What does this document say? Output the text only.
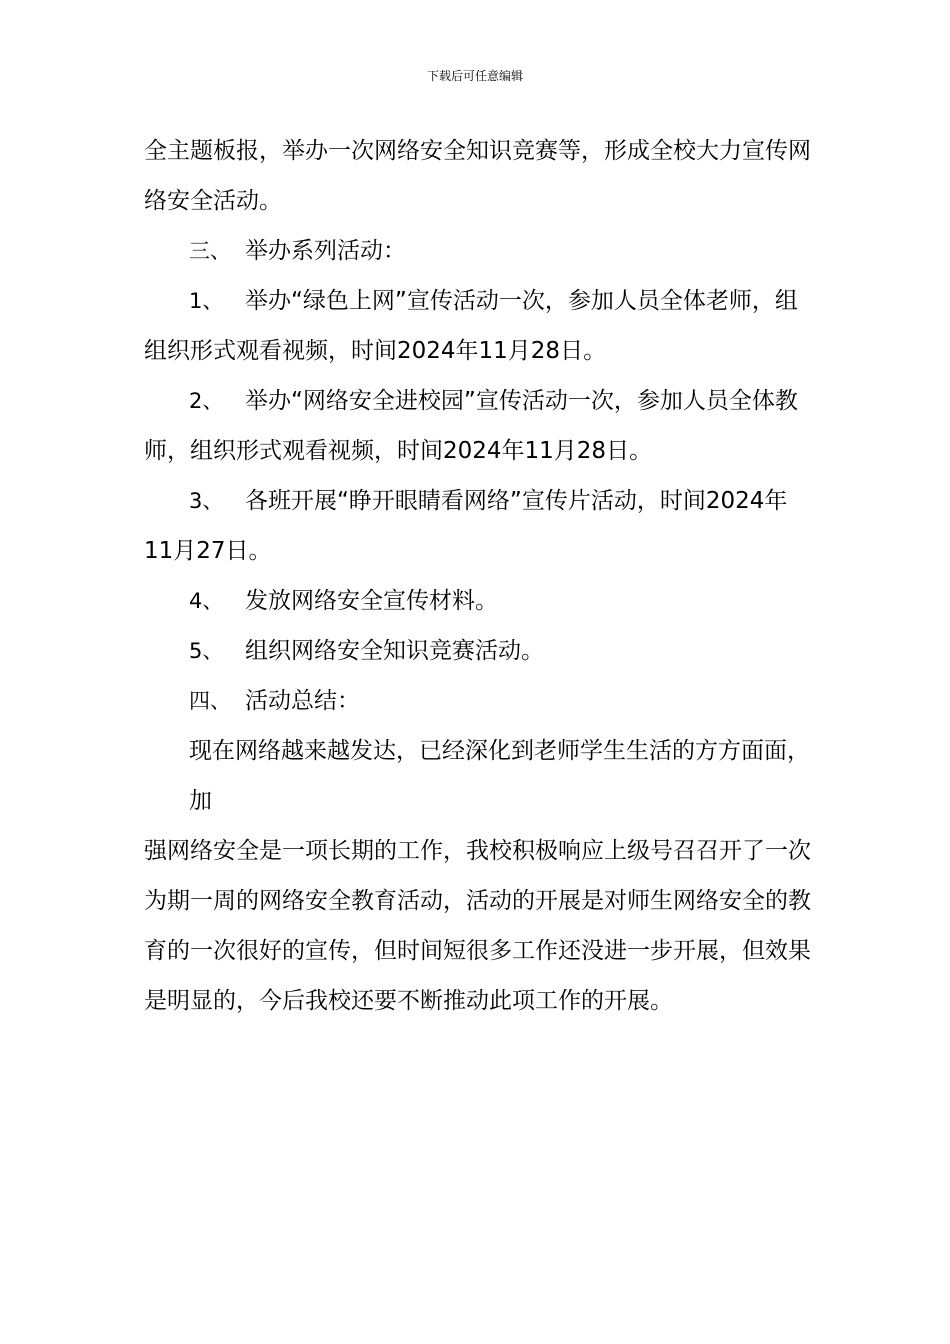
下载后可任意编辑
全主题板报，举办一次网络安全知识竞赛等，形成全校大力宣传网
络安全活动。
三、 举办系列活动：
1、 举办“绿色上网”宣传活动一次，参加人员全体老师，组
组织形式观看视频，时间2024年11月28日。
2、 举办“网络安全进校园”宣传活动一次，参加人员全体教
师，组织形式观看视频，时间2024年11月28日。
3、 各班开展“睁开眼睛看网络”宣传片活动，时间2024年
11月27日。
4、 发放网络安全宣传材料。
5、 组织网络安全知识竞赛活动。
四、 活动总结：
现在网络越来越发达，已经深化到老师学生生活的方方面面，
加
强网络安全是一项长期的工作，我校积极响应上级号召召开了一次
为期一周的网络安全教育活动，活动的开展是对师生网络安全的教
育的一次很好的宣传，但时间短很多工作还没进一步开展，但效果
是明显的，今后我校还要不断推动此项工作的开展。
